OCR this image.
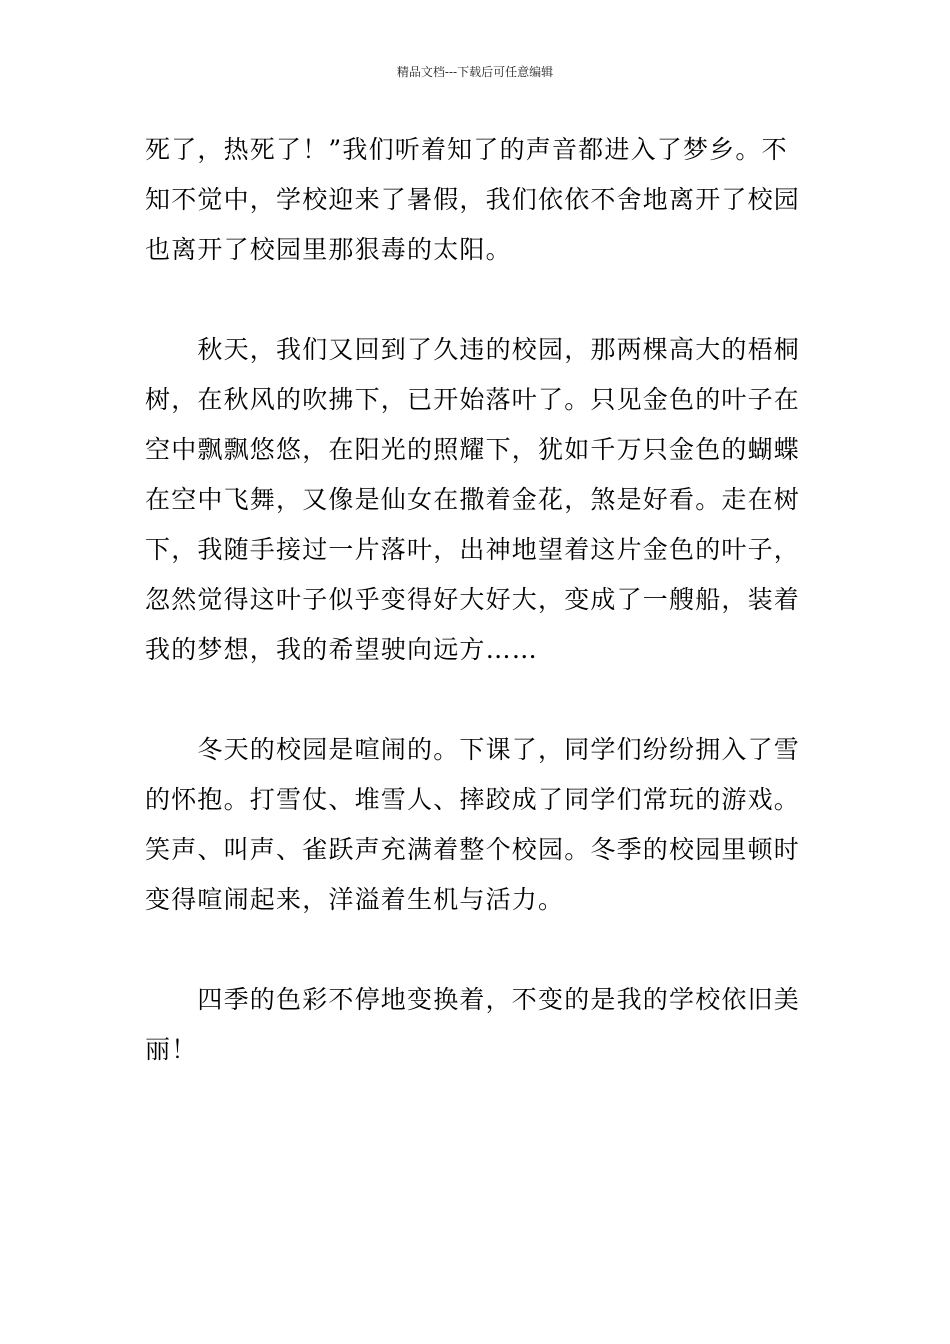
精品文档---下载后可任意编辑
死了，热死了！”我们听着知了的声音都进入了梦乡。不
知不觉中，学校迎来了暑假，我们依依不舍地离开了校园
也离开了校园里那狠毒的太阳。
　　秋天，我们又回到了久违的校园，那两棵高大的梧桐
树，在秋风的吹拂下，已开始落叶了。只见金色的叶子在
空中飘飘悠悠，在阳光的照耀下，犹如千万只金色的蝴蝶
在空中飞舞，又像是仙女在撒着金花，煞是好看。走在树
下，我随手接过一片落叶，出神地望着这片金色的叶子，
忽然觉得这叶子似乎变得好大好大，变成了一艘船，装着
我的梦想，我的希望驶向远方……
　　冬天的校园是喧闹的。下课了，同学们纷纷拥入了雪
的怀抱。打雪仗、堆雪人、摔跤成了同学们常玩的游戏。
笑声、叫声、雀跃声充满着整个校园。冬季的校园里顿时
变得喧闹起来，洋溢着生机与活力。
　　四季的色彩不停地变换着，不变的是我的学校依旧美
丽！
